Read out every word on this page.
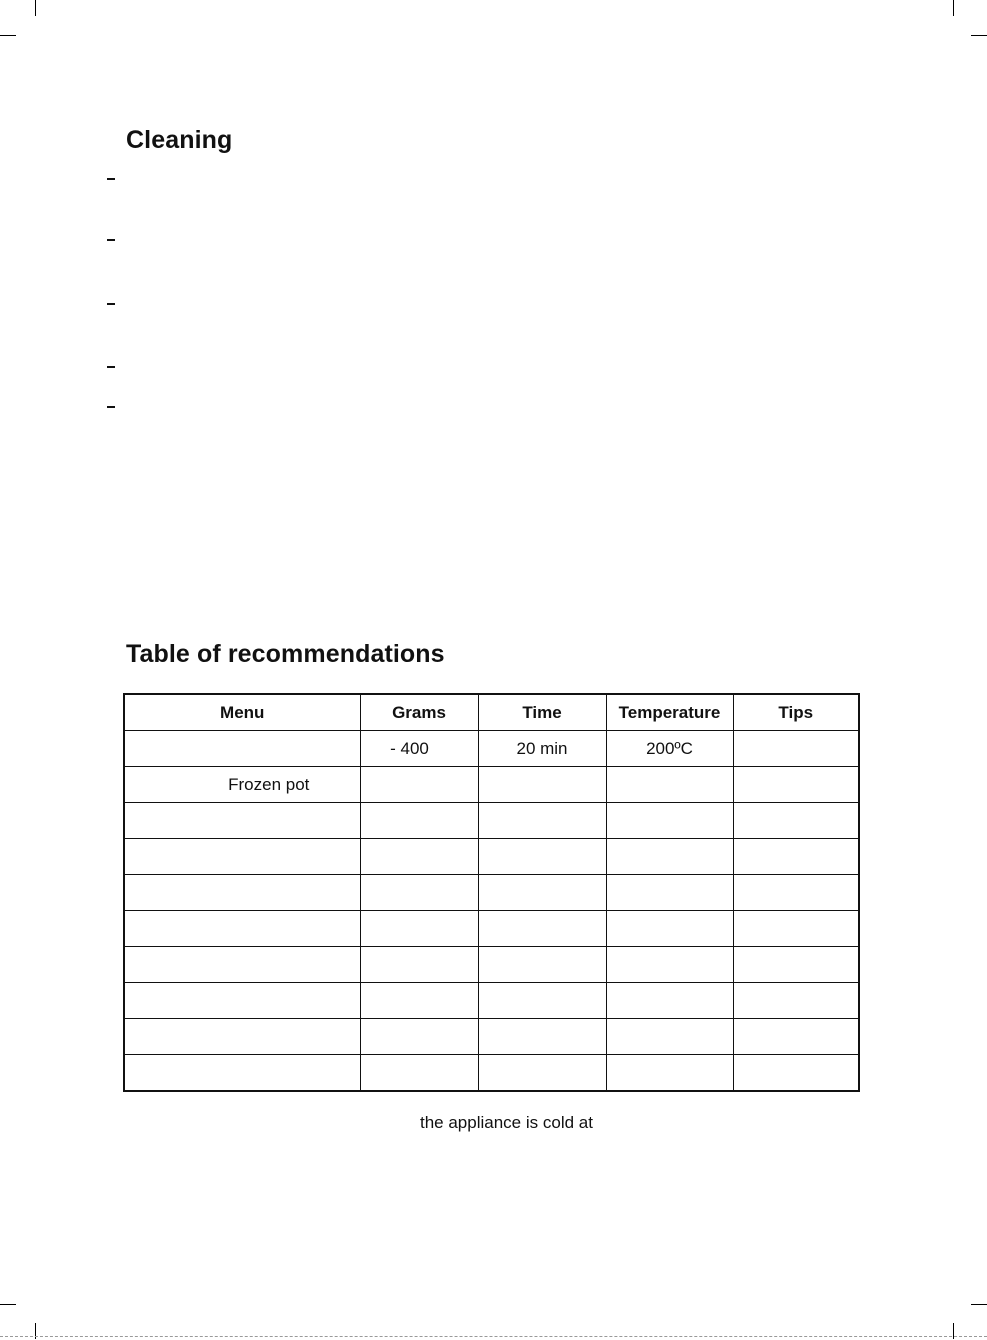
Cleaning
Table of recommendations
Menu	Grams	Time	Temperature	Tips
	- 400	20 min	200ºC	
Frozen pot				

the appliance is cold at
